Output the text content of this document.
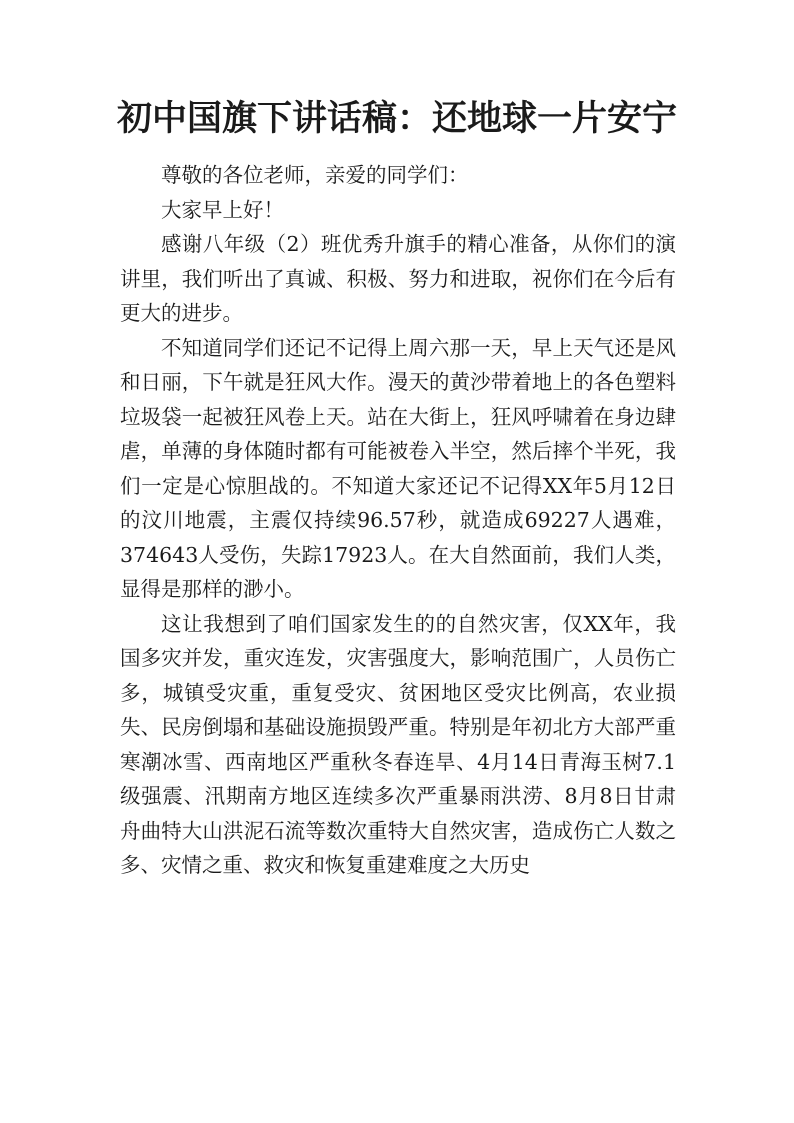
初中国旗下讲话稿：还地球一片安宁

尊敬的各位老师，亲爱的同学们：

大家早上好！

感谢八年级（2）班优秀升旗手的精心准备，从你们的演讲里，我们听出了真诚、积极、努力和进取，祝你们在今后有更大的进步。

不知道同学们还记不记得上周六那一天，早上天气还是风和日丽，下午就是狂风大作。漫天的黄沙带着地上的各色塑料垃圾袋一起被狂风卷上天。站在大街上，狂风呼啸着在身边肆虐，单薄的身体随时都有可能被卷入半空，然后摔个半死，我们一定是心惊胆战的。不知道大家还记不记得XX年5月12日的汶川地震，主震仅持续96.57秒，就造成69227人遇难，374643人受伤，失踪17923人。在大自然面前，我们人类，显得是那样的渺小。

这让我想到了咱们国家发生的的自然灾害，仅XX年，我国多灾并发，重灾连发，灾害强度大，影响范围广，人员伤亡多，城镇受灾重，重复受灾、贫困地区受灾比例高，农业损失、民房倒塌和基础设施损毁严重。特别是年初北方大部严重寒潮冰雪、西南地区严重秋冬春连旱、4月14日青海玉树7.1级强震、汛期南方地区连续多次严重暴雨洪涝、8月8日甘肃舟曲特大山洪泥石流等数次重特大自然灾害，造成伤亡人数之多、灾情之重、救灾和恢复重建难度之大历史
